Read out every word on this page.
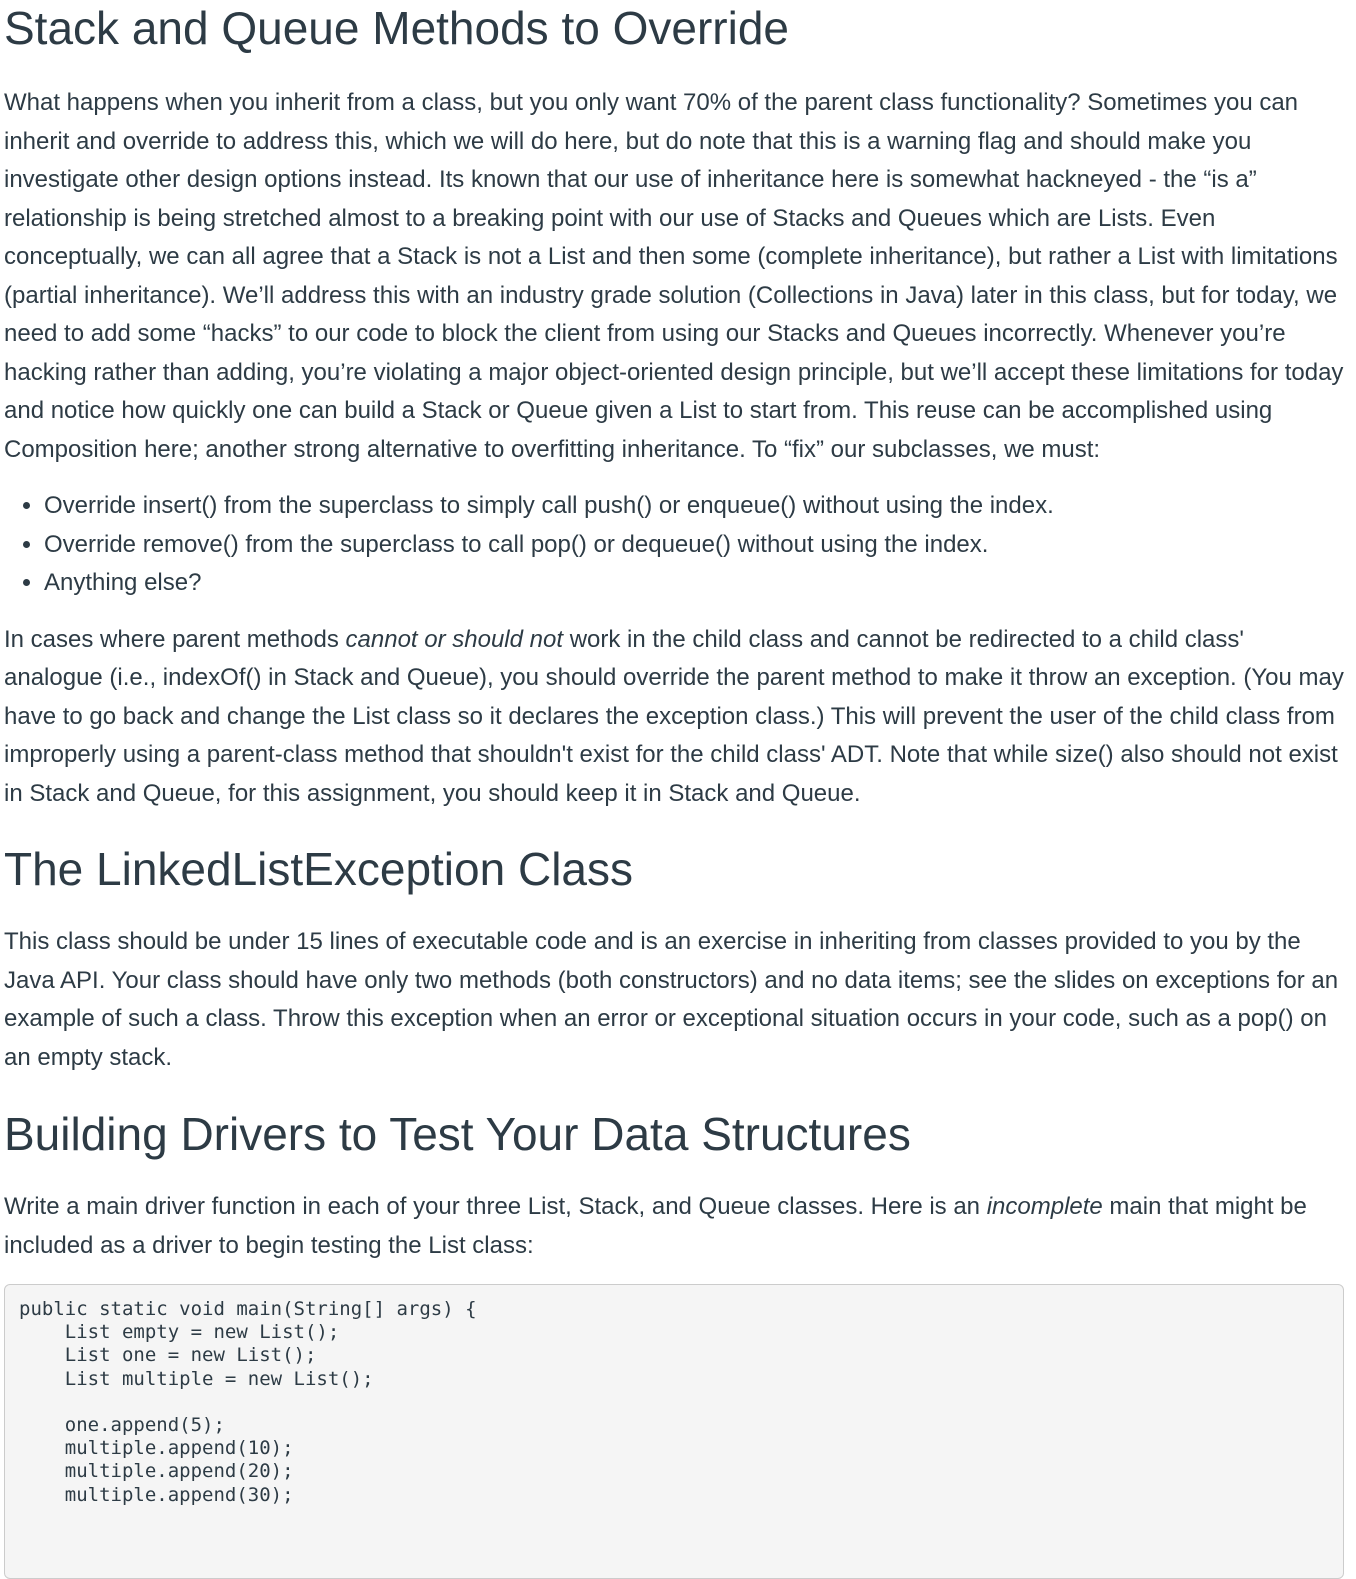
Stack and Queue Methods to Override

What happens when you inherit from a class, but you only want 70% of the parent class functionality? Sometimes you can inherit and override to address this, which we will do here, but do note that this is a warning flag and should make you investigate other design options instead. Its known that our use of inheritance here is somewhat hackneyed - the “is a” relationship is being stretched almost to a breaking point with our use of Stacks and Queues which are Lists. Even conceptually, we can all agree that a Stack is not a List and then some (complete inheritance), but rather a List with limitations (partial inheritance). We’ll address this with an industry grade solution (Collections in Java) later in this class, but for today, we need to add some “hacks” to our code to block the client from using our Stacks and Queues incorrectly. Whenever you’re hacking rather than adding, you’re violating a major object-oriented design principle, but we’ll accept these limitations for today and notice how quickly one can build a Stack or Queue given a List to start from. This reuse can be accomplished using Composition here; another strong alternative to overfitting inheritance. To “fix” our subclasses, we must:

• Override insert() from the superclass to simply call push() or enqueue() without using the index.
• Override remove() from the superclass to call pop() or dequeue() without using the index.
• Anything else?

In cases where parent methods cannot or should not work in the child class and cannot be redirected to a child class' analogue (i.e., indexOf() in Stack and Queue), you should override the parent method to make it throw an exception. (You may have to go back and change the List class so it declares the exception class.) This will prevent the user of the child class from improperly using a parent-class method that shouldn't exist for the child class' ADT. Note that while size() also should not exist in Stack and Queue, for this assignment, you should keep it in Stack and Queue.

The LinkedListException Class

This class should be under 15 lines of executable code and is an exercise in inheriting from classes provided to you by the Java API. Your class should have only two methods (both constructors) and no data items; see the slides on exceptions for an example of such a class. Throw this exception when an error or exceptional situation occurs in your code, such as a pop() on an empty stack.

Building Drivers to Test Your Data Structures

Write a main driver function in each of your three List, Stack, and Queue classes. Here is an incomplete main that might be included as a driver to begin testing the List class:

public static void main(String[] args) {
List empty = new List();
List one = new List();
List multiple = new List();

one.append(5);
multiple.append(10);
multiple.append(20);
multiple.append(30);
